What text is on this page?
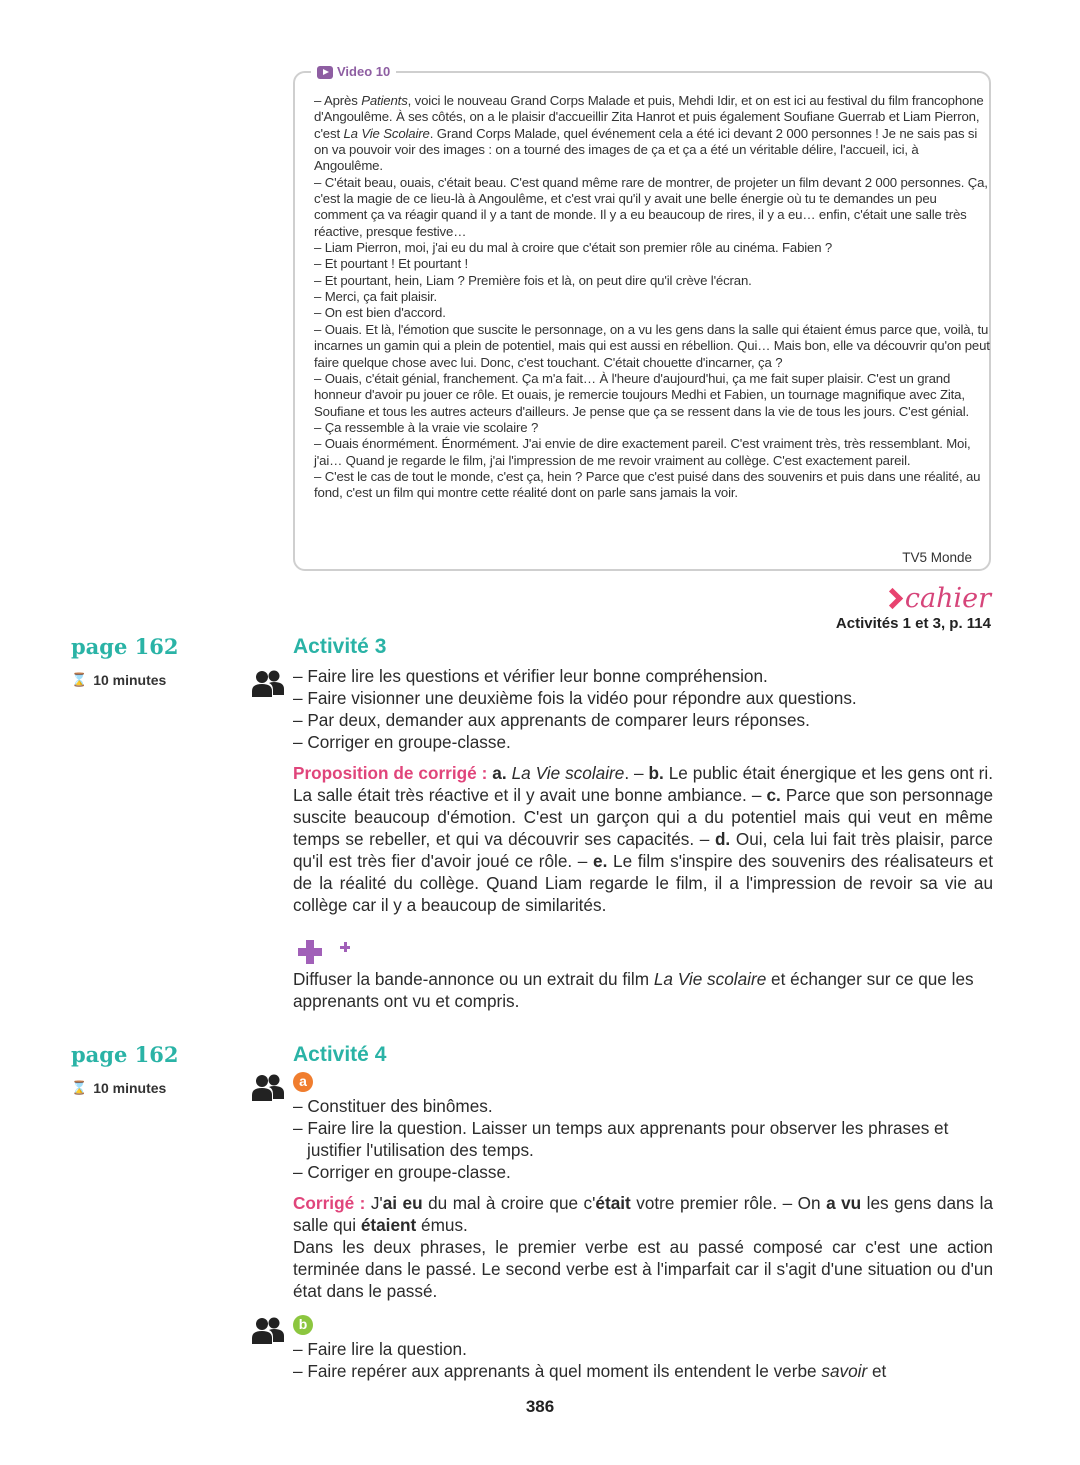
Video 10

– Après Patients, voici le nouveau Grand Corps Malade et puis, Mehdi Idir, et on est ici au festival du film francophone d'Angoulême. À ses côtés, on a le plaisir d'accueillir Zita Hanrot et puis également Soufiane Guerrab et Liam Pierron, c'est La Vie Scolaire. Grand Corps Malade, quel événement cela a été ici devant 2 000 personnes ! Je ne sais pas si on va pouvoir voir des images : on a tourné des images de ça et ça a été un véritable délire, l'accueil, ici, à Angoulême.

– C'était beau, ouais, c'était beau. C'est quand même rare de montrer, de projeter un film devant 2 000 personnes. Ça, c'est la magie de ce lieu-là à Angoulême, et c'est vrai qu'il y avait une belle énergie où tu te demandes un peu comment ça va réagir quand il y a tant de monde. Il y a eu beaucoup de rires, il y a eu… enfin, c'était une salle très réactive, presque festive…

– Liam Pierron, moi, j'ai eu du mal à croire que c'était son premier rôle au cinéma. Fabien ?

– Et pourtant ! Et pourtant !

– Et pourtant, hein, Liam ? Première fois et là, on peut dire qu'il crève l'écran.

– Merci, ça fait plaisir.

– On est bien d'accord.

– Ouais. Et là, l'émotion que suscite le personnage, on a vu les gens dans la salle qui étaient émus parce que, voilà, tu incarnes un gamin qui a plein de potentiel, mais qui est aussi en rébellion. Qui… Mais bon, elle va découvrir qu'on peut faire quelque chose avec lui. Donc, c'est touchant. C'était chouette d'incarner, ça ?

– Ouais, c'était génial, franchement. Ça m'a fait… À l'heure d'aujourd'hui, ça me fait super plaisir. C'est un grand honneur d'avoir pu jouer ce rôle. Et ouais, je remercie toujours Medhi et Fabien, un tournage magnifique avec Zita, Soufiane et tous les autres acteurs d'ailleurs. Je pense que ça se ressent dans la vie de tous les jours. C'est génial.

– Ça ressemble à la vraie vie scolaire ?

– Ouais énormément. Énormément. J'ai envie de dire exactement pareil. C'est vraiment très, très ressemblant. Moi, j'ai… Quand je regarde le film, j'ai l'impression de me revoir vraiment au collège. C'est exactement pareil.

– C'est le cas de tout le monde, c'est ça, hein ? Parce que c'est puisé dans des souvenirs et puis dans une réalité, au fond, c'est un film qui montre cette réalité dont on parle sans jamais la voir.

TV5 Monde
cahier
Activités 1 et 3, p. 114
page 162
⌛ 10 minutes
Activité 3

– Faire lire les questions et vérifier leur bonne compréhension.

– Faire visionner une deuxième fois la vidéo pour répondre aux questions.

– Par deux, demander aux apprenants de comparer leurs réponses.

– Corriger en groupe-classe.

Proposition de corrigé : a. La Vie scolaire. – b. Le public était énergique et les gens ont ri. La salle était très réactive et il y avait une bonne ambiance. – c. Parce que son personnage suscite beaucoup d'émotion. C'est un garçon qui a du potentiel mais qui veut en même temps se rebeller, et qui va découvrir ses capacités. – d. Oui, cela lui fait très plaisir, parce qu'il est très fier d'avoir joué ce rôle. – e. Le film s'inspire des souvenirs des réalisateurs et de la réalité du collège. Quand Liam regarde le film, il a l'impression de revoir sa vie au collège car il y a beaucoup de similarités.

Diffuser la bande-annonce ou un extrait du film La Vie scolaire et échanger sur ce que les apprenants ont vu et compris.

page 162
⌛ 10 minutes
Activité 4
a

– Constituer des binômes.

– Faire lire la question. Laisser un temps aux apprenants pour observer les phrases et justifier l'utilisation des temps.

– Corriger en groupe-classe.

Corrigé : J'ai eu du mal à croire que c'était votre premier rôle. – On a vu les gens dans la salle qui étaient émus.

Dans les deux phrases, le premier verbe est au passé composé car c'est une action terminée dans le passé. Le second verbe est à l'imparfait car il s'agit d'une situation ou d'un état dans le passé.

b

– Faire lire la question.

– Faire repérer aux apprenants à quel moment ils entendent le verbe savoir et

386
